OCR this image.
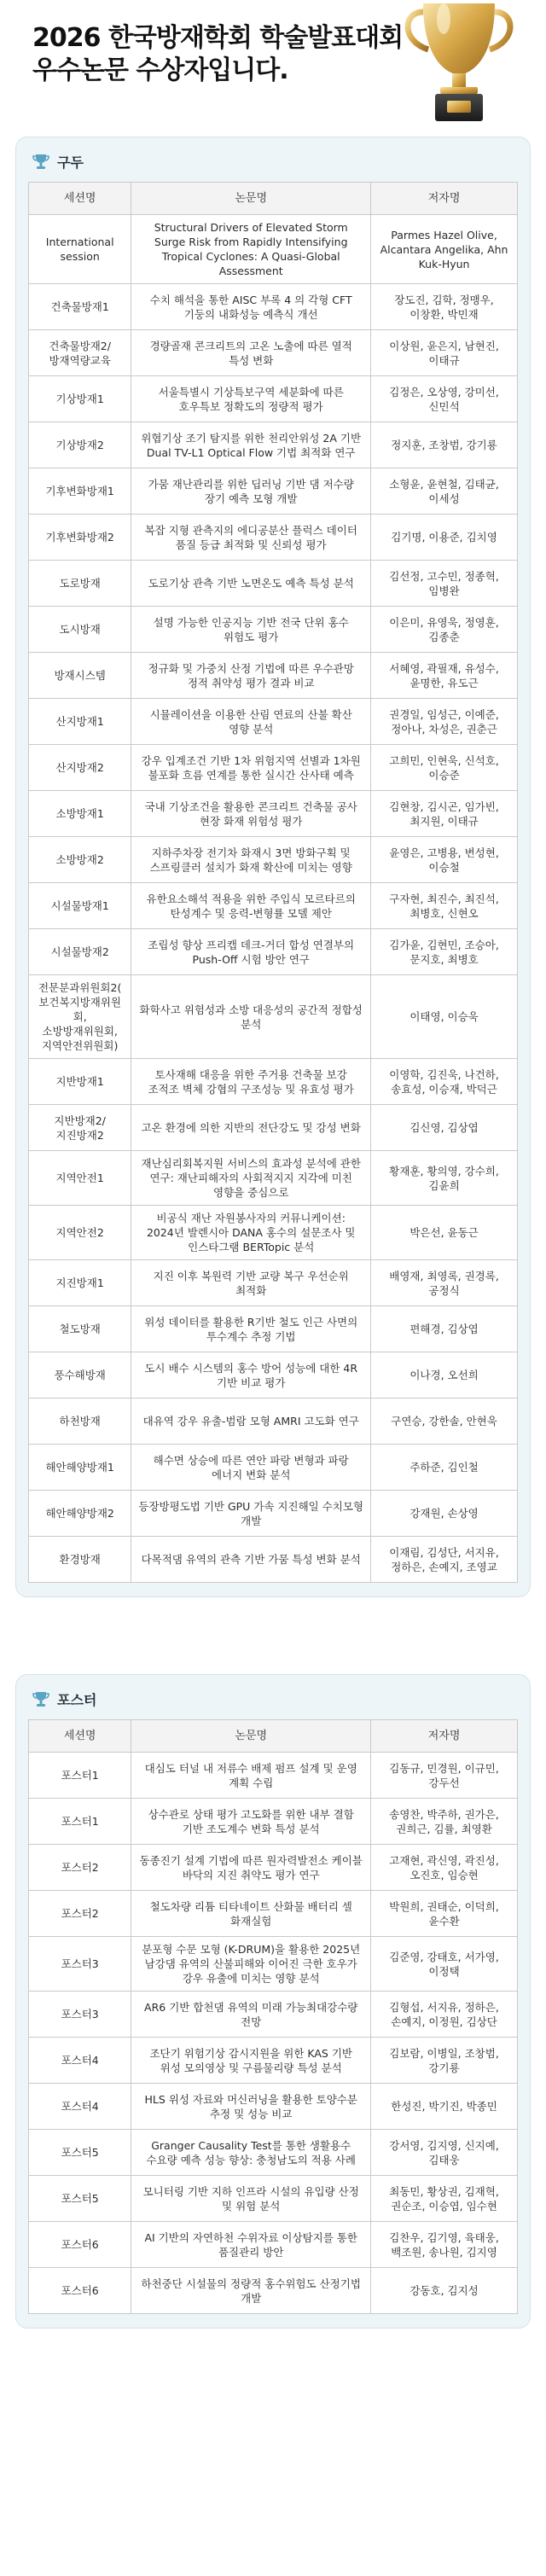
2026 한국방재학회 학술발표대회
우수논문 수상자입니다.
구두
세션명	논문명	저자명
International session	Structural Drivers of Elevated Storm Surge Risk from Rapidly Intensifying Tropical Cyclones: A Quasi-Global Assessment	Parmes Hazel Olive, Alcantara Angelika, Ahn Kuk-Hyun
건축물방재1	수치 해석을 통한 AISC 부록 4 의 각형 CFT 기둥의 내화성능 예측식 개선	장도진, 김학, 정맹우, 이창환, 박민재
건축물방재2/방재역량교육	경량골재 콘크리트의 고온 노출에 따른 열적 특성 변화	이상원, 윤은지, 남현진, 이태규
기상방재1	서울특별시 기상특보구역 세분화에 따른 호우특보 정확도의 정량적 평가	김정은, 오상영, 강미선, 신민석
기상방재2	위협기상 조기 탐지를 위한 천리안위성 2A 기반 Dual TV-L1 Optical Flow 기법 최적화 연구	정지훈, 조창범, 강기룡
기후변화방재1	가뭄 재난관리를 위한 딥러닝 기반 댐 저수량 장기 예측 모형 개발	소형윤, 윤현철, 김태균, 이세성
기후변화방재2	복잡 지형 관측지의 에디공분산 플럭스 데이터 품질 등급 최적화 및 신뢰성 평가	김기명, 이용준, 김치영
도로방재	도로기상 관측 기반 노면온도 예측 특성 분석	김선정, 고수민, 정종혁, 임병완
도시방재	설명 가능한 인공지능 기반 전국 단위 홍수 위험도 평가	이은미, 유영욱, 정영훈, 김종춘
방재시스템	정규화 및 가중치 산정 기법에 따른 우수관망 정적 취약성 평가 결과 비교	서혜영, 곽필재, 유성수, 윤명한, 유도근
산지방재1	시뮬레이션을 이용한 산림 연료의 산불 확산 영향 분석	권경일, 임성근, 이예준, 정아나, 차성은, 권춘근
산지방재2	강우 입계조건 기반 1차 위험지역 선별과 1차원 불포화 흐름 연계를 통한 실시간 산사태 예측	고희민, 인현욱, 신석호, 이승준
소방방재1	국내 기상조건을 활용한 콘크리트 건축물 공사 현장 화재 위험성 평가	김현창, 김시곤, 임가빈, 최지원, 이태규
소방방재2	지하주차장 전기차 화재시 3면 방화구획 및 스프링클러 설치가 화재 확산에 미치는 영향	윤영은, 고병용, 변성현, 이승철
시설물방재1	유한요소해석 적용을 위한 주입식 모르타르의 탄성계수 및 응력-변형률 모델 제안	구자현, 최진수, 최진석, 최병호, 신현오
시설물방재2	조립성 향상 프리캡 데크-거더 합성 연결부의 Push-Off 시험 방안 연구	김가윤, 김현민, 조승아, 문지호, 최병호
전문분과위원회2(보건복지방재위원회, 소방방재위원회, 지역안전위원회)	화학사고 위험성과 소방 대응성의 공간적 정합성 분석	이태영, 이승욱
지반방재1	토사재해 대응을 위한 주거용 건축물 보강 조적조 벽체 강협의 구조성능 및 유효성 평가	이영학, 김진욱, 나건하, 송효성, 이승재, 박덕근
지반방재2/지진방재2	고온 환경에 의한 지반의 전단강도 및 강성 변화	김신영, 김상엽
지역안전1	재난심리회복지원 서비스의 효과성 분석에 관한 연구: 재난피해자의 사회적지지 지각에 미친 영향을 중심으로	황재훈, 황의영, 강수희, 김윤희
지역안전2	비공식 재난 자원봉사자의 커뮤니케이션: 2024년 발렌시아 DANA 홍수의 설문조사 및 인스타그램 BERTopic 분석	박은선, 윤동근
지진방재1	지진 이후 복원력 기반 교량 복구 우선순위 최적화	배영재, 최영록, 권경록, 공정식
철도방재	위성 데이터를 활용한 R기반 철도 인근 사면의 투수계수 추정 기법	편해경, 김상엽
풍수해방재	도시 배수 시스템의 홍수 방어 성능에 대한 4R 기반 비교 평가	이나경, 오선희
하천방재	대유역 강우 유출-범람 모형 AMRI 고도화 연구	구연승, 강한솔, 안현욱
해안해양방재1	해수면 상승에 따른 연안 파랑 변형과 파랑 에너지 변화 분석	주하준, 김인철
해안해양방재2	등장방평도법 기반 GPU 가속 지진해일 수치모형 개발	강재원, 손상영
환경방재	다목적댐 유역의 관측 기반 가뭄 특성 변화 분석	이재림, 김성단, 서지유, 정하은, 손예지, 조영교
포스터
세션명	논문명	저자명
포스터1	대심도 터널 내 저류수 배제 펌프 설계 및 운영 계획 수립	김동규, 민경원, 이규민, 강두선
포스터1	상수관로 상태 평가 고도화를 위한 내부 결함 기반 조도계수 변화 특성 분석	송영찬, 박주하, 권가은, 권희근, 김률, 최영환
포스터2	동종진기 설계 기법에 따른 원자력발전소 케이블 바닥의 지진 취약도 평가 연구	고재현, 곽신영, 곽진성, 오진호, 임승현
포스터2	철도차량 리튬 티타네이트 산화물 배터리 셀 화재실험	박원희, 권태순, 이덕희, 윤수환
포스터3	분포형 수문 모형 (K-DRUM)을 활용한 2025년 남강댐 유역의 산불피해와 이어진 극한 호우가 강우 유출에 미치는 영향 분석	김준영, 강태호, 서가영, 이정택
포스터3	AR6 기반 합천댐 유역의 미래 가능최대강수량 전망	김형섭, 서지유, 정하은, 손예지, 이정원, 김상단
포스터4	조단기 위험기상 감시지원을 위한 KAS 기반 위성 모의영상 및 구름물리량 특성 분석	김보람, 이병일, 조창범, 강기룡
포스터4	HLS 위성 자료와 머신러닝을 활용한 토양수분 추정 및 성능 비교	한성진, 박기진, 박종민
포스터5	Granger Causality Test를 통한 생활용수 수요량 예측 성능 향상: 충청남도의 적용 사례	강서영, 김지영, 신지예, 김태웅
포스터5	모니터링 기반 지하 인프라 시설의 유입량 산정 및 위험 분석	최동민, 황상권, 김재혁, 권순조, 이승엽, 임수현
포스터6	AI 기반의 자연하천 수위자료 이상탐지를 통한 품질관리 방안	김찬우, 김기영, 육태웅, 백조원, 송나원, 김지영
포스터6	하천중단 시설물의 정량적 홍수위험도 산정기법 개발	강동호, 김지성
